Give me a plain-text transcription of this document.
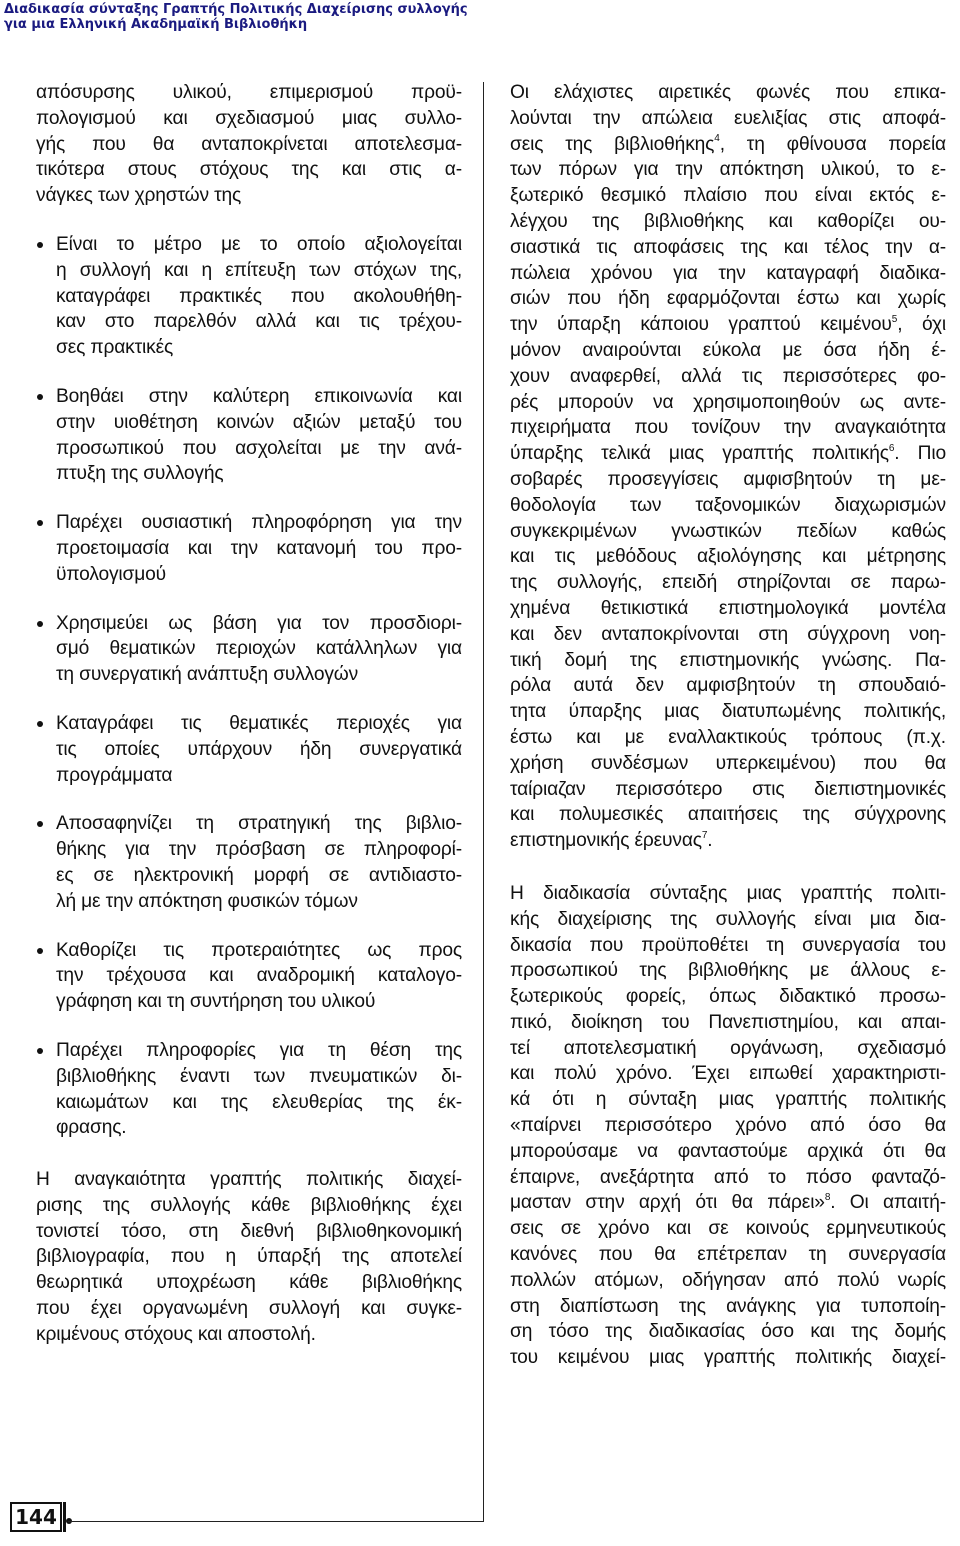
Διαδικασία σύνταξης Γραπτής Πολιτικής Διαχείρισης συλλογής
για μια Ελληνική Ακαδημαϊκή Βιβλιοθήκη

απόσυρσης υλικού, επιμερισμού προϋ-
πολογισμού και σχεδιασμού μιας συλλο-
γής που θα ανταποκρίνεται αποτελεσμα-
τικότερα στους στόχους της και στις α-
νάγκες των χρηστών της

Είναι το μέτρο με το οποίο αξιολογείται
η συλλογή και η επίτευξη των στόχων της,
καταγράφει πρακτικές που ακολουθήθη-
καν στο παρελθόν αλλά και τις τρέχου-
σες πρακτικές

Βοηθάει στην καλύτερη επικοινωνία και
στην υιοθέτηση κοινών αξιών μεταξύ του
προσωπικού που ασχολείται με την ανά-
πτυξη της συλλογής

Παρέχει ουσιαστική πληροφόρηση για την
προετοιμασία και την κατανομή του προ-
ϋπολογισμού

Χρησιμεύει ως βάση για τον προσδιορι-
σμό θεματικών περιοχών κατάλληλων για
τη συνεργατική ανάπτυξη συλλογών

Καταγράφει τις θεματικές περιοχές για
τις οποίες υπάρχουν ήδη συνεργατικά
προγράμματα

Αποσαφηνίζει τη στρατηγική της βιβλιο-
θήκης για την πρόσβαση σε πληροφορί-
ες σε ηλεκτρονική μορφή σε αντιδιαστο-
λή με την απόκτηση φυσικών τόμων

Καθορίζει τις προτεραιότητες ως προς
την τρέχουσα και αναδρομική καταλογο-
γράφηση και τη συντήρηση του υλικού

Παρέχει πληροφορίες για τη θέση της
βιβλιοθήκης έναντι των πνευματικών δι-
καιωμάτων και της ελευθερίας της έκ-
φρασης.

Η αναγκαιότητα γραπτής πολιτικής διαχεί-
ρισης της συλλογής κάθε βιβλιοθήκης έχει
τονιστεί τόσο, στη διεθνή βιβλιοθηκονομική
βιβλιογραφία, που η ύπαρξή της αποτελεί
θεωρητικά υποχρέωση κάθε βιβλιοθήκης
που έχει οργανωμένη συλλογή και συγκε-
κριμένους στόχους και αποστολή.

Οι ελάχιστες αιρετικές φωνές που επικα-
λούνται την απώλεια ευελιξίας στις αποφά-
σεις της βιβλιοθήκης$^4$, τη φθίνουσα πορεία
των πόρων για την απόκτηση υλικού, το ε-
ξωτερικό θεσμικό πλαίσιο που είναι εκτός ε-
λέγχου της βιβλιοθήκης και καθορίζει ου-
σιαστικά τις αποφάσεις της και τέλος την α-
πώλεια χρόνου για την καταγραφή διαδικα-
σιών που ήδη εφαρμόζονται έστω και χωρίς
την ύπαρξη κάποιου γραπτού κειμένου$^5$, όχι
μόνον αναιρούνται εύκολα με όσα ήδη έ-
χουν αναφερθεί, αλλά τις περισσότερες φο-
ρές μπορούν να χρησιμοποιηθούν ως αντε-
πιχειρήματα που τονίζουν την αναγκαιότητα
ύπαρξης τελικά μιας γραπτής πολιτικής$^6$. Πιο
σοβαρές προσεγγίσεις αμφισβητούν τη με-
θοδολογία των ταξονομικών διαχωρισμών
συγκεκριμένων γνωστικών πεδίων καθώς
και τις μεθόδους αξιολόγησης και μέτρησης
της συλλογής, επειδή στηρίζονται σε παρω-
χημένα θετικιστικά επιστημολογικά μοντέλα
και δεν ανταποκρίνονται στη σύγχρονη νοη-
τική δομή της επιστημονικής γνώσης. Πα-
ρόλα αυτά δεν αμφισβητούν τη σπουδαιό-
τητα ύπαρξης μιας διατυπωμένης πολιτικής,
έστω και με εναλλακτικούς τρόπους (π.χ.
χρήση συνδέσμων υπερκειμένου) που θα
ταίριαζαν περισσότερο στις διεπιστημονικές
και πολυμεσικές απαιτήσεις της σύγχρονης
επιστημονικής έρευνας$^7$.

Η διαδικασία σύνταξης μιας γραπτής πολιτι-
κής διαχείρισης της συλλογής είναι μια δια-
δικασία που προϋποθέτει τη συνεργασία του
προσωπικού της βιβλιοθήκης με άλλους ε-
ξωτερικούς φορείς, όπως διδακτικό προσω-
πικό, διοίκηση του Πανεπιστημίου, και απαι-
τεί αποτελεσματική οργάνωση, σχεδιασμό
και πολύ χρόνο. Έχει ειπωθεί χαρακτηριστι-
κά ότι η σύνταξη μιας γραπτής πολιτικής
«παίρνει περισσότερο χρόνο από όσο θα
μπορούσαμε να φανταστούμε αρχικά ότι θα
έπαιρνε, ανεξάρτητα από το πόσο φανταζό-
μασταν στην αρχή ότι θα πάρει»$^8$. Οι απαιτή-
σεις σε χρόνο και σε κοινούς ερμηνευτικούς
κανόνες που θα επέτρεπαν τη συνεργασία
πολλών ατόμων, οδήγησαν από πολύ νωρίς
στη διαπίστωση της ανάγκης για τυποποίη-
ση τόσο της διαδικασίας όσο και της δομής
του κειμένου μιας γραπτής πολιτικής διαχεί-

144
